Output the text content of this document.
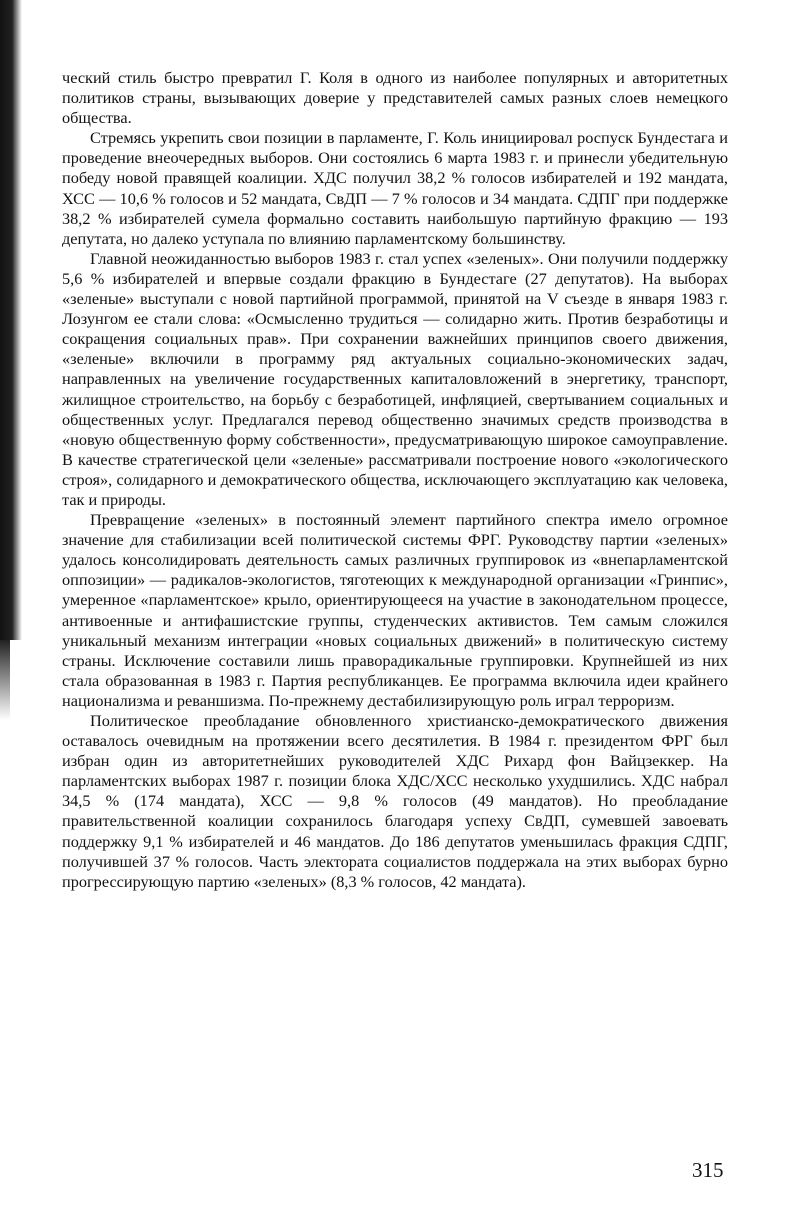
ческий стиль быстро превратил Г. Коля в одного из наиболее популярных и авторитетных политиков страны, вызывающих доверие у представителей самых разных слоев немецкого общества.

Стремясь укрепить свои позиции в парламенте, Г. Коль инициировал роспуск Бундестага и проведение внеочередных выборов. Они состоялись 6 марта 1983 г. и принесли убедительную победу новой правящей коалиции. ХДС получил 38,2 % голосов избирателей и 192 мандата, ХСС — 10,6 % голосов и 52 мандата, СвДП — 7 % голосов и 34 мандата. СДПГ при поддержке 38,2 % избирателей сумела формально составить наибольшую партийную фракцию — 193 депутата, но далеко уступала по влиянию парламентскому большинству.

Главной неожиданностью выборов 1983 г. стал успех «зеленых». Они получили поддержку 5,6 % избирателей и впервые создали фракцию в Бундестаге (27 депутатов). На выборах «зеленые» выступали с новой партийной программой, принятой на V съезде в января 1983 г. Лозунгом ее стали слова: «Осмысленно трудиться — солидарно жить. Против безработицы и сокращения социальных прав». При сохранении важнейших принципов своего движения, «зеленые» включили в программу ряд актуальных социально-экономических задач, направленных на увеличение государственных капиталовложений в энергетику, транспорт, жилищное строительство, на борьбу с безработицей, инфляцией, свертыванием социальных и общественных услуг. Предлагался перевод общественно значимых средств производства в «новую общественную форму собственности», предусматривающую широкое самоуправление. В качестве стратегической цели «зеленые» рассматривали построение нового «экологического строя», солидарного и демократического общества, исключающего эксплуатацию как человека, так и природы.

Превращение «зеленых» в постоянный элемент партийного спектра имело огромное значение для стабилизации всей политической системы ФРГ. Руководству партии «зеленых» удалось консолидировать деятельность самых различных группировок из «внепарламентской оппозиции» — радикалов-экологистов, тяготеющих к международной организации «Гринпис», умеренное «парламентское» крыло, ориентирующееся на участие в законодательном процессе, антивоенные и антифашистские группы, студенческих активистов. Тем самым сложился уникальный механизм интеграции «новых социальных движений» в политическую систему страны. Исключение составили лишь праворадикальные группировки. Крупнейшей из них стала образованная в 1983 г. Партия республиканцев. Ее программа включила идеи крайнего национализма и реваншизма. По-прежнему дестабилизирующую роль играл терроризм.

Политическое преобладание обновленного христианско-демократического движения оставалось очевидным на протяжении всего десятилетия. В 1984 г. президентом ФРГ был избран один из авторитетнейших руководителей ХДС Рихард фон Вайцзеккер. На парламентских выборах 1987 г. позиции блока ХДС/ХСС несколько ухудшились. ХДС набрал 34,5 % (174 мандата), ХСС — 9,8 % голосов (49 мандатов). Но преобладание правительственной коалиции сохранилось благодаря успеху СвДП, сумевшей завоевать поддержку 9,1 % избирателей и 46 мандатов. До 186 депутатов уменьшилась фракция СДПГ, получившей 37 % голосов. Часть электората социалистов поддержала на этих выборах бурно прогрессирующую партию «зеленых» (8,3 % голосов, 42 мандата).

315
